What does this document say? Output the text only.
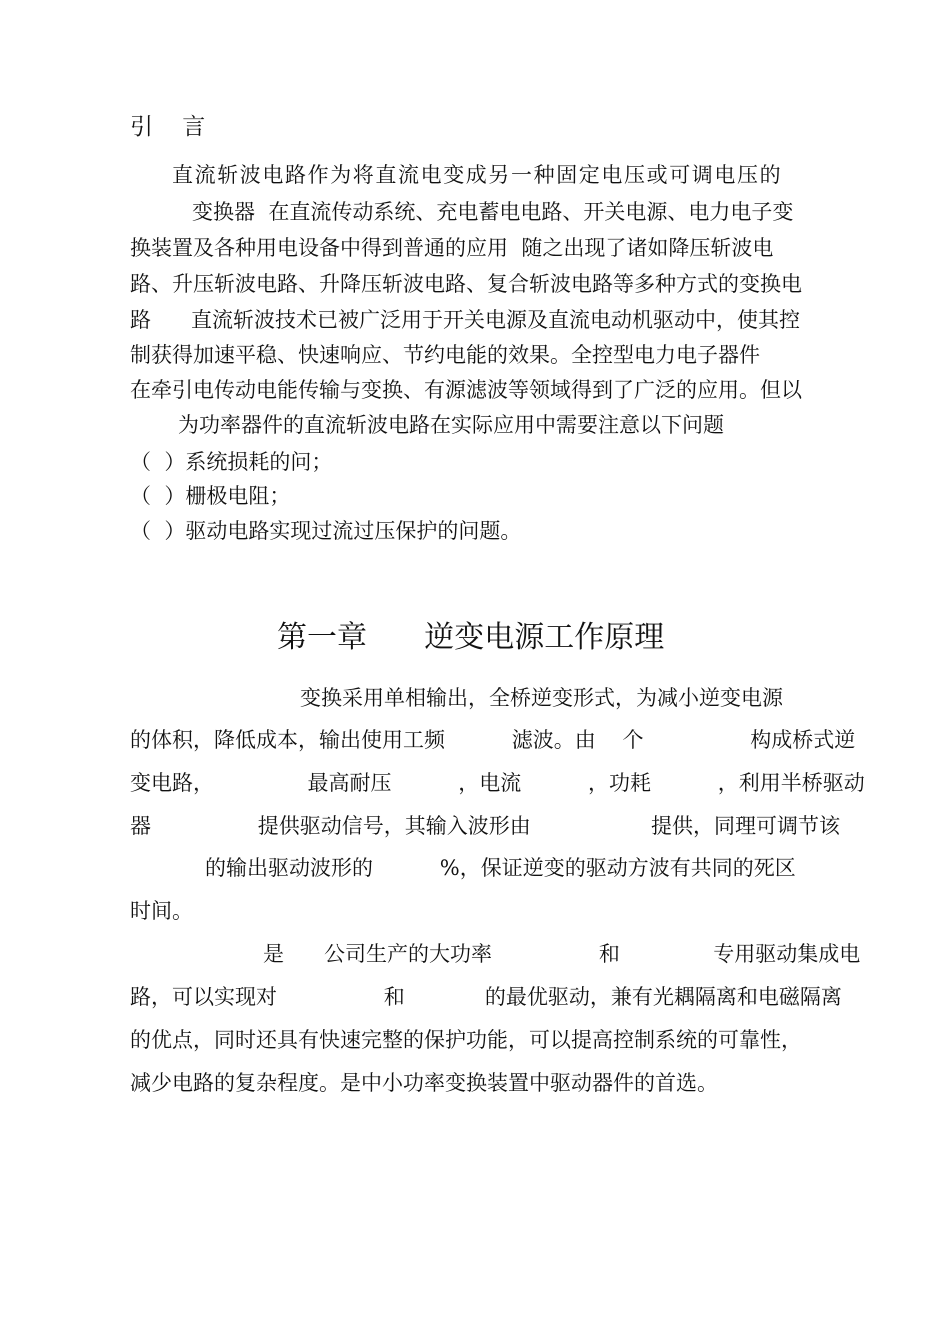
引    言
直流斩波电路作为将直流电变成另一种固定电压或可调电压的
变换器  在直流传动系统、充电蓄电电路、开关电源、电力电子变
换装置及各种用电设备中得到普通的应用  随之出现了诸如降压斩波电
路、升压斩波电路、升降压斩波电路、复合斩波电路等多种方式的变换电
路      直流斩波技术已被广泛用于开关电源及直流电动机驱动中，使其控
制获得加速平稳、快速响应、节约电能的效果。全控型电力电子器件
在牵引电传动电能传输与变换、有源滤波等领域得到了广泛的应用。但以
为功率器件的直流斩波电路在实际应用中需要注意以下问题
（  ）系统损耗的问；
（  ）栅极电阻；
（  ）驱动电路实现过流过压保护的问题。
第一章      逆变电源工作原理
变换采用单相输出，全桥逆变形式，为减小逆变电源
的体积，降低成本，输出使用工频          滤波。由    个                构成桥式逆
变电路，              最高耐压          ，电流          ，功耗          ，利用半桥驱动
器                提供驱动信号，其输入波形由                  提供，同理可调节该
的输出驱动波形的          %，保证逆变的驱动方波有共同的死区
时间。
是      公司生产的大功率                和              专用驱动集成电
路，可以实现对                和            的最优驱动，兼有光耦隔离和电磁隔离
的优点，同时还具有快速完整的保护功能，可以提高控制系统的可靠性，
减少电路的复杂程度。是中小功率变换装置中驱动器件的首选。
